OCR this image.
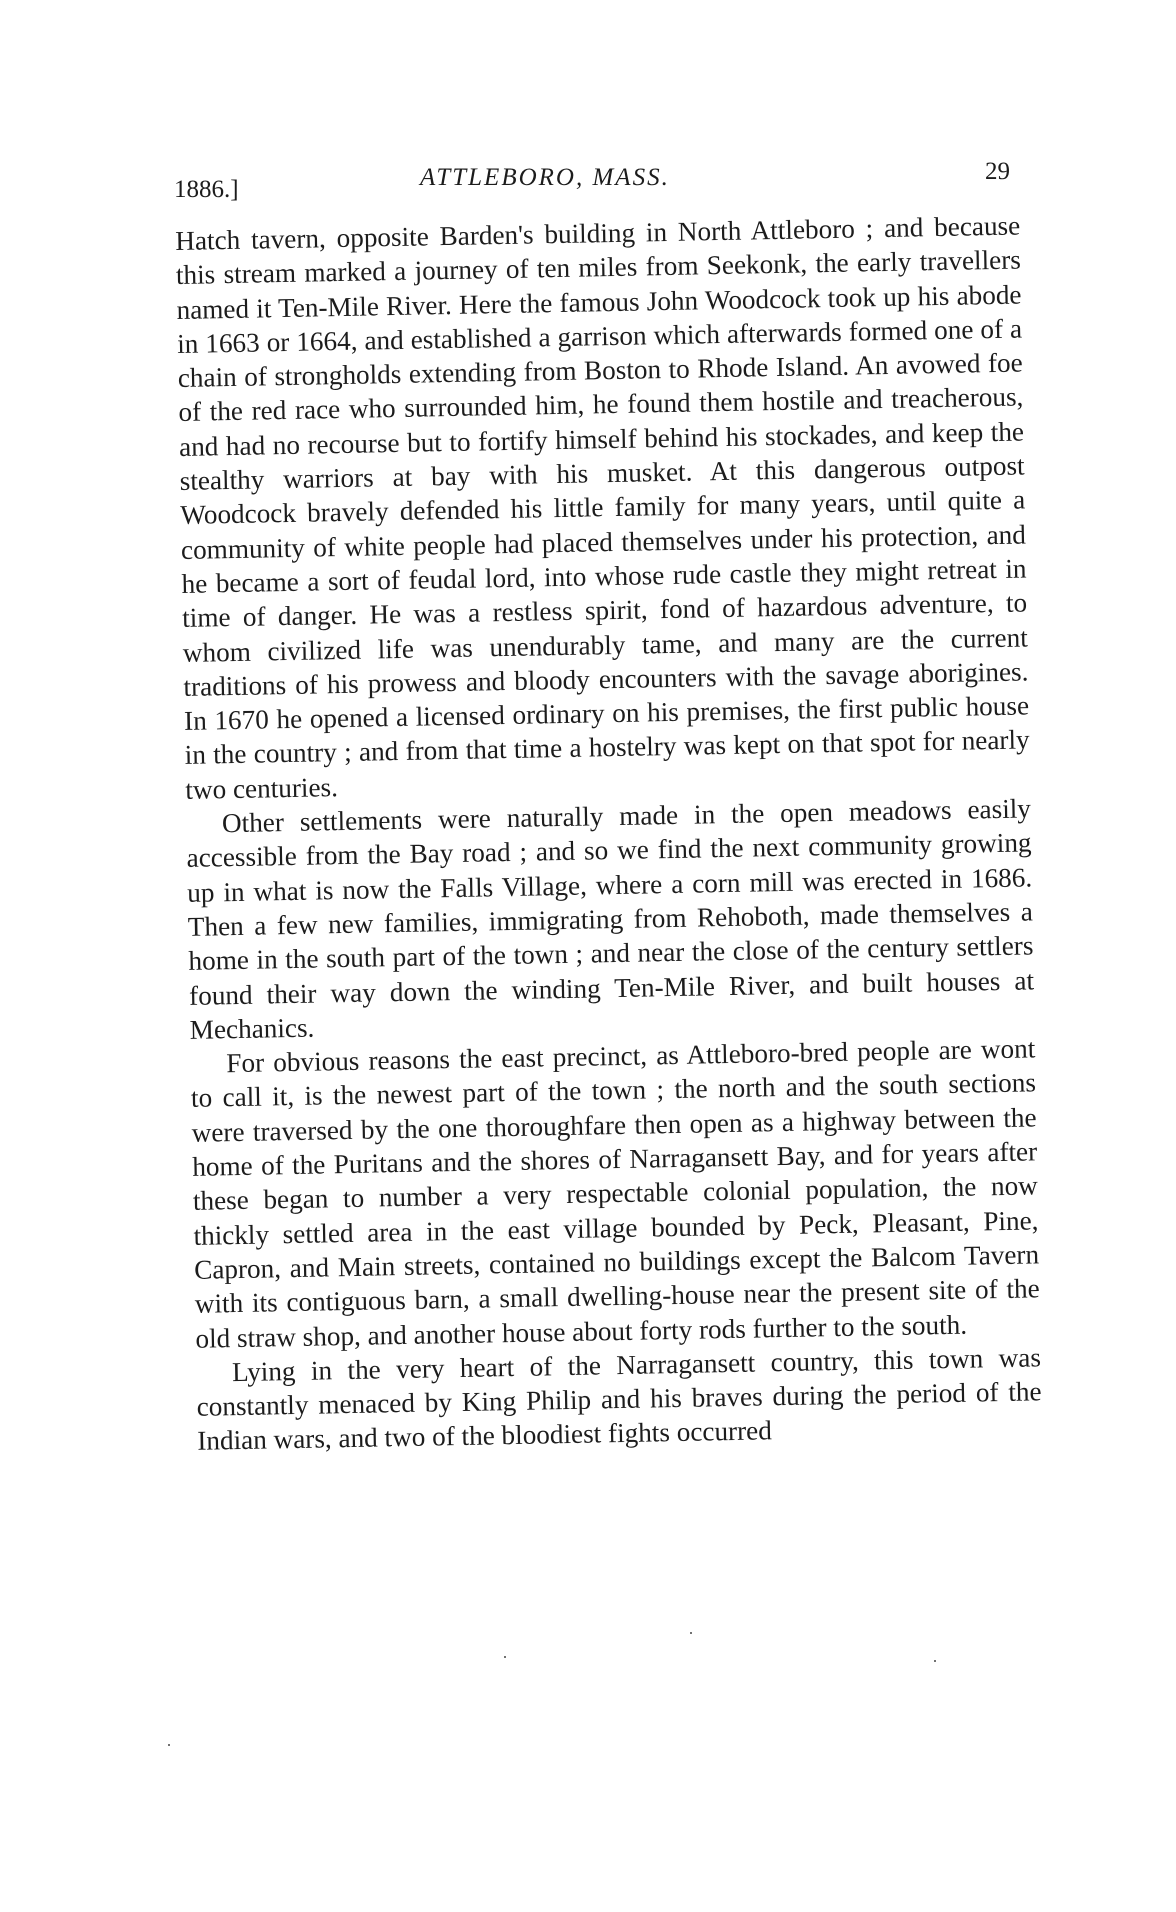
1886.]	ATTLEBORO, MASS.	29

Hatch tavern, opposite Barden's building in North Attleboro ; and because this stream marked a journey of ten miles from Seekonk, the early travellers named it Ten-Mile River. Here the famous John Woodcock took up his abode in 1663 or 1664, and established a garrison which afterwards formed one of a chain of strongholds extending from Boston to Rhode Island. An avowed foe of the red race who surrounded him, he found them hostile and treacherous, and had no recourse but to fortify himself behind his stockades, and keep the stealthy warriors at bay with his musket. At this dangerous outpost Woodcock bravely defended his little family for many years, until quite a community of white people had placed themselves under his protection, and he became a sort of feudal lord, into whose rude castle they might retreat in time of danger. He was a restless spirit, fond of hazardous adventure, to whom civilized life was unendurably tame, and many are the current traditions of his prowess and bloody encounters with the savage aborigines. In 1670 he opened a licensed ordinary on his premises, the first public house in the country ; and from that time a hostelry was kept on that spot for nearly two centuries.

Other settlements were naturally made in the open meadows easily accessible from the Bay road ; and so we find the next community growing up in what is now the Falls Village, where a corn mill was erected in 1686. Then a few new families, immigrating from Rehoboth, made themselves a home in the south part of the town ; and near the close of the century settlers found their way down the winding Ten-Mile River, and built houses at Mechanics.

For obvious reasons the east precinct, as Attleboro-bred people are wont to call it, is the newest part of the town ; the north and the south sections were traversed by the one thoroughfare then open as a highway between the home of the Puritans and the shores of Narragansett Bay, and for years after these began to number a very respectable colonial population, the now thickly settled area in the east village bounded by Peck, Pleasant, Pine, Capron, and Main streets, contained no buildings except the Balcom Tavern with its contiguous barn, a small dwelling-house near the present site of the old straw shop, and another house about forty rods further to the south.

Lying in the very heart of the Narragansett country, this town was constantly menaced by King Philip and his braves during the period of the Indian wars, and two of the bloodiest fights occurred
